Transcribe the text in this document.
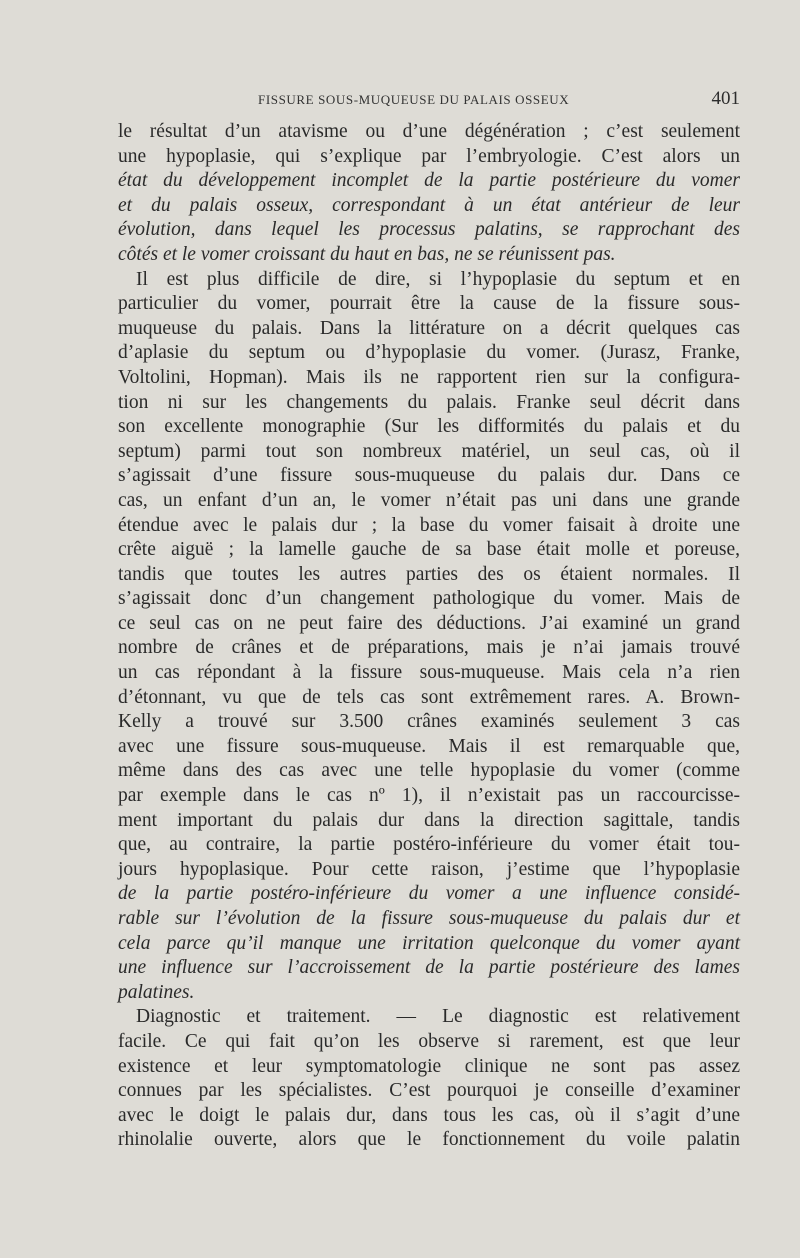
FISSURE SOUS-MUQUEUSE DU PALAIS OSSEUX	401
le résultat d’un atavisme ou d’une dégénération ; c’est seulement
une hypoplasie, qui s’explique par l’embryologie. C’est alors un
état du développement incomplet de la partie postérieure du vomer
et du palais osseux, correspondant à un état antérieur de leur
évolution, dans lequel les processus palatins, se rapprochant des
côtés et le vomer croissant du haut en bas, ne se réunissent pas.
Il est plus difficile de dire, si l’hypoplasie du septum et en
particulier du vomer, pourrait être la cause de la fissure sous-
muqueuse du palais. Dans la littérature on a décrit quelques cas
d’aplasie du septum ou d’hypoplasie du vomer. (Jurasz, Franke,
Voltolini, Hopman). Mais ils ne rapportent rien sur la configura-
tion ni sur les changements du palais. Franke seul décrit dans
son excellente monographie (Sur les difformités du palais et du
septum) parmi tout son nombreux matériel, un seul cas, où il
s’agissait d’une fissure sous-muqueuse du palais dur. Dans ce
cas, un enfant d’un an, le vomer n’était pas uni dans une grande
étendue avec le palais dur ; la base du vomer faisait à droite une
crête aiguë ; la lamelle gauche de sa base était molle et poreuse,
tandis que toutes les autres parties des os étaient normales. Il
s’agissait donc d’un changement pathologique du vomer. Mais de
ce seul cas on ne peut faire des déductions. J’ai examiné un grand
nombre de crânes et de préparations, mais je n’ai jamais trouvé
un cas répondant à la fissure sous-muqueuse. Mais cela n’a rien
d’étonnant, vu que de tels cas sont extrêmement rares. A. Brown-
Kelly a trouvé sur 3.500 crânes examinés seulement 3 cas
avec une fissure sous-muqueuse. Mais il est remarquable que,
même dans des cas avec une telle hypoplasie du vomer (comme
par exemple dans le cas nº 1), il n’existait pas un raccourcisse-
ment important du palais dur dans la direction sagittale, tandis
que, au contraire, la partie postéro-inférieure du vomer était tou-
jours hypoplasique. Pour cette raison, j’estime que l’hypoplasie
de la partie postéro-inférieure du vomer a une influence considé-
rable sur l’évolution de la fissure sous-muqueuse du palais dur et
cela parce qu’il manque une irritation quelconque du vomer ayant
une influence sur l’accroissement de la partie postérieure des lames
palatines.
Diagnostic et traitement. — Le diagnostic est relativement
facile. Ce qui fait qu’on les observe si rarement, est que leur
existence et leur symptomatologie clinique ne sont pas assez
connues par les spécialistes. C’est pourquoi je conseille d’examiner
avec le doigt le palais dur, dans tous les cas, où il s’agit d’une
rhinolalie ouverte, alors que le fonctionnement du voile palatin
